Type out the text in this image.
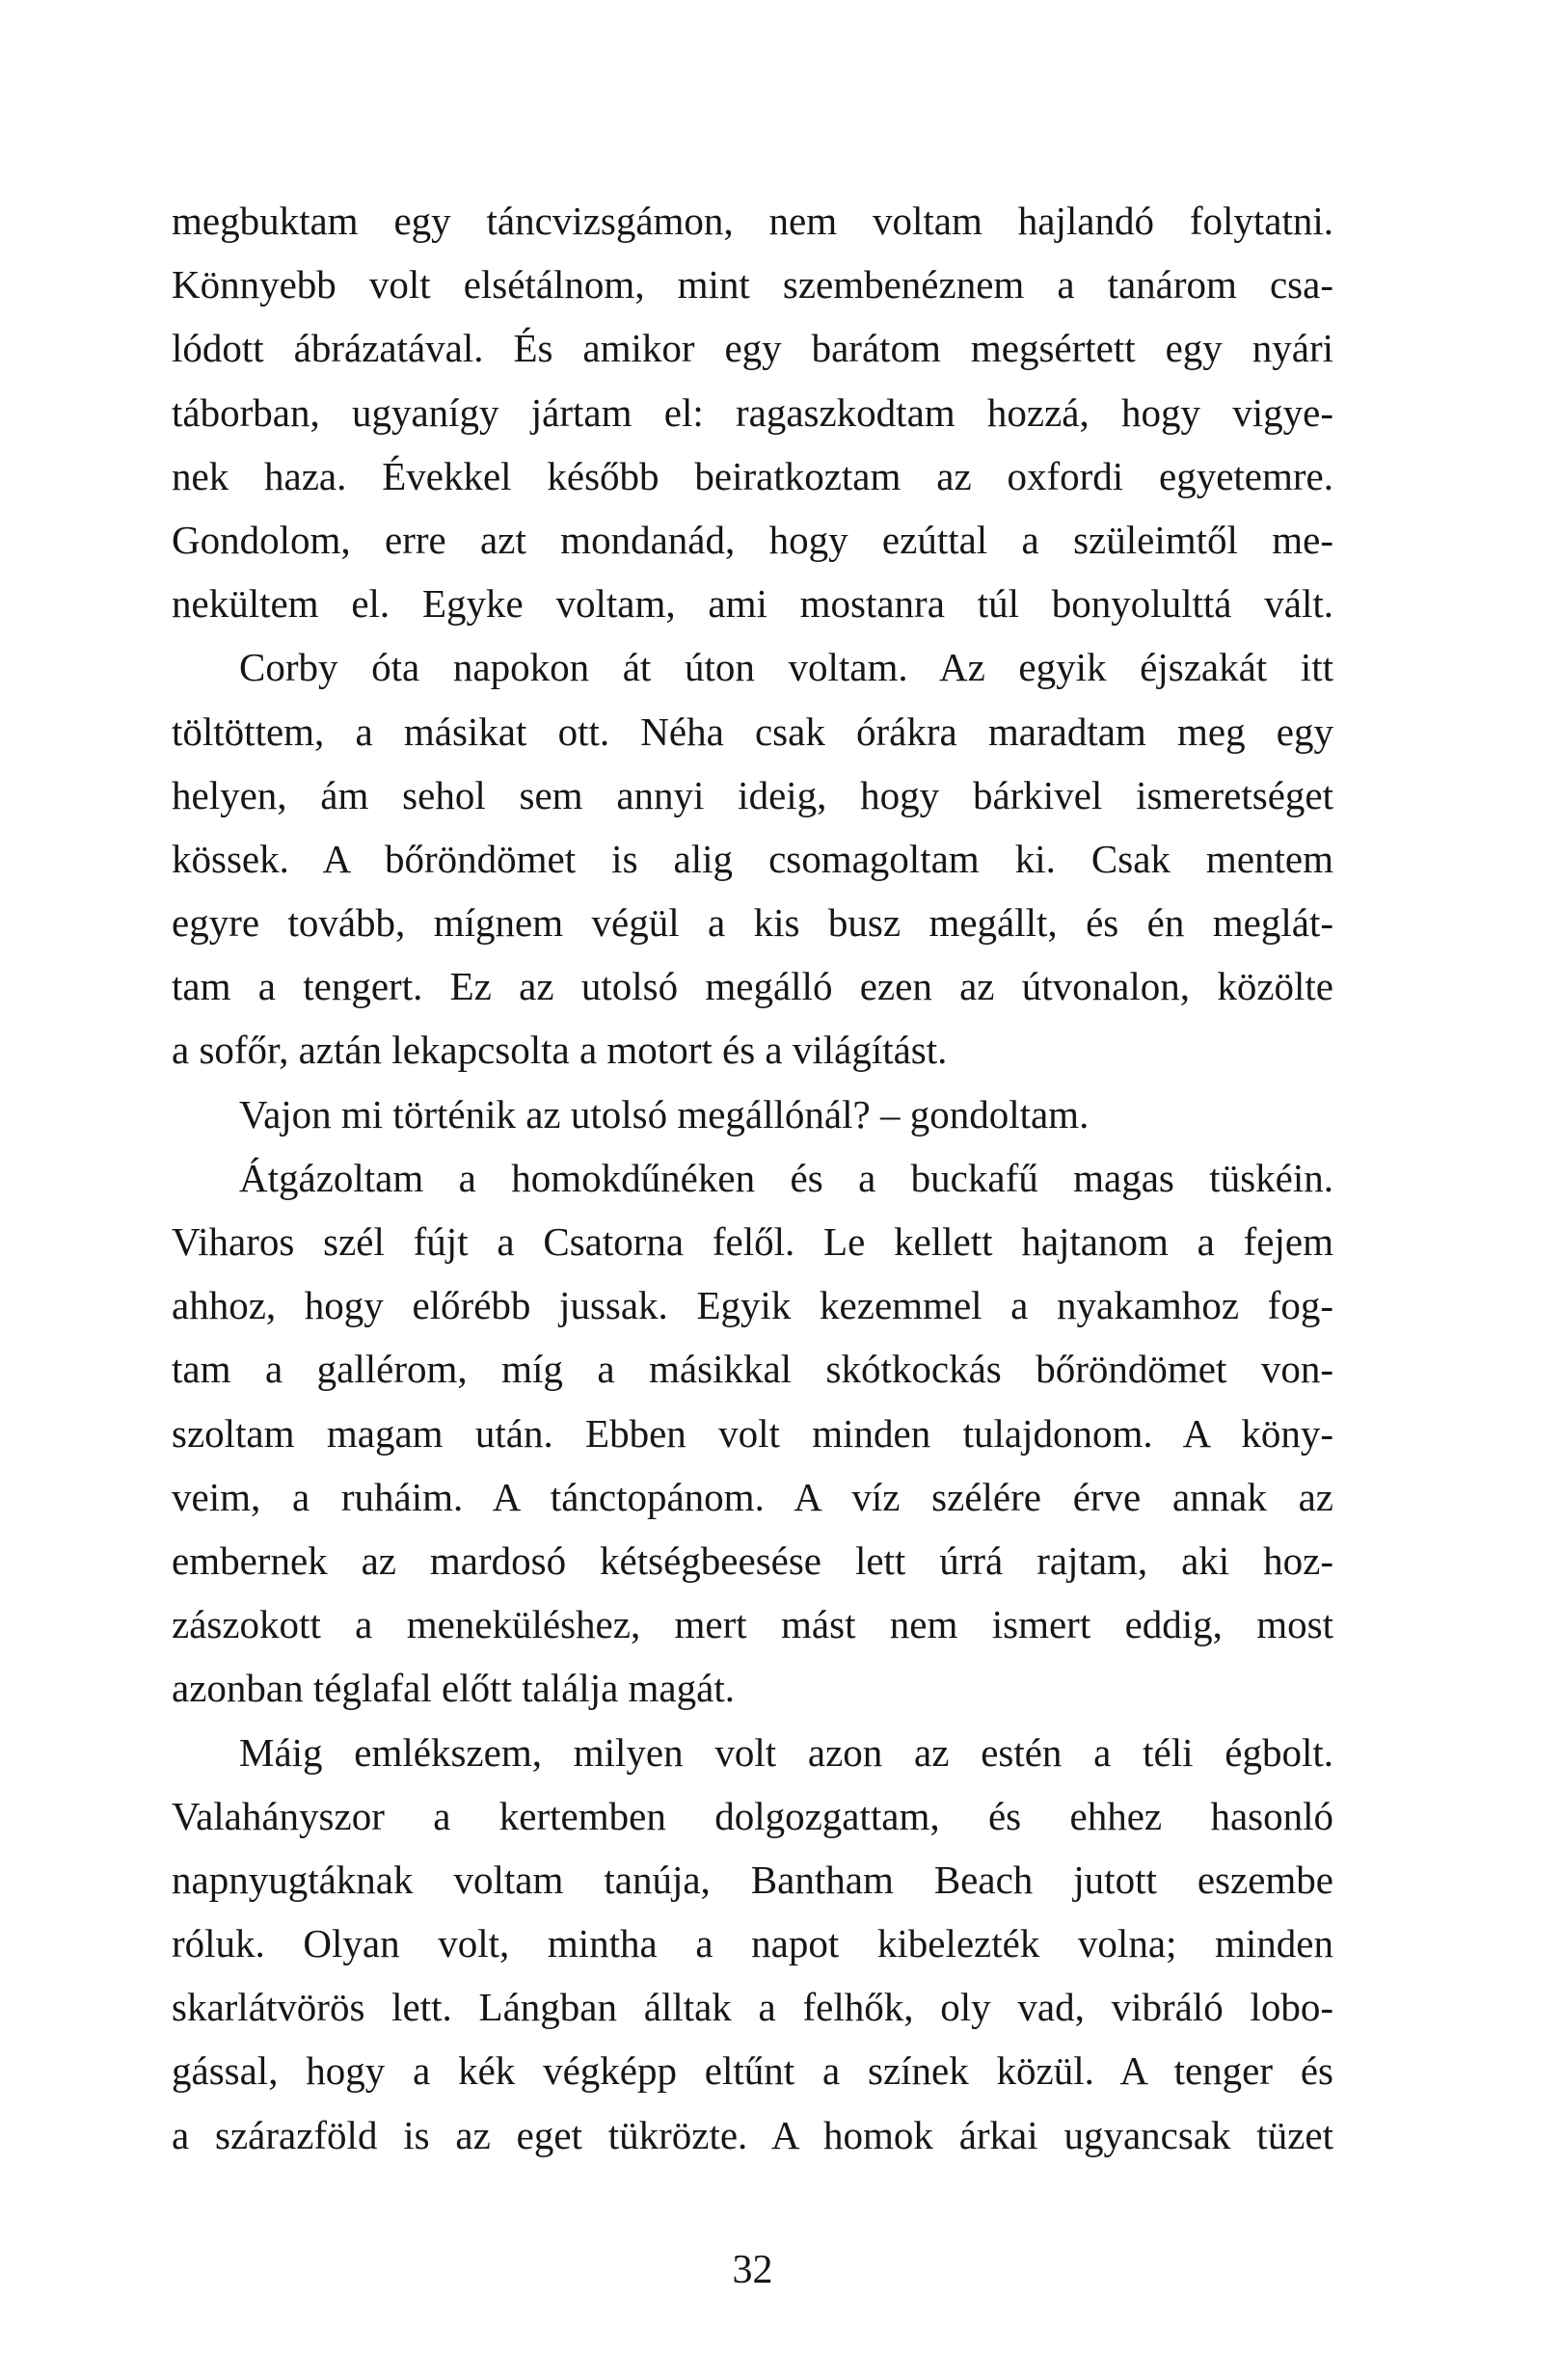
megbuktam egy táncvizsgámon, nem voltam hajlandó folytatni.
Könnyebb volt elsétálnom, mint szembenéznem a tanárom csa-
lódott ábrázatával. És amikor egy barátom megsértett egy nyári
táborban, ugyanígy jártam el: ragaszkodtam hozzá, hogy vigye-
nek haza. Évekkel később beiratkoztam az oxfordi egyetemre.
Gondolom, erre azt mondanád, hogy ezúttal a szüleimtől me-
nekültem el. Egyke voltam, ami mostanra túl bonyolulttá vált.
Corby óta napokon át úton voltam. Az egyik éjszakát itt
töltöttem, a másikat ott. Néha csak órákra maradtam meg egy
helyen, ám sehol sem annyi ideig, hogy bárkivel ismeretséget
kössek. A bőröndömet is alig csomagoltam ki. Csak mentem
egyre tovább, mígnem végül a kis busz megállt, és én meglát-
tam a tengert. Ez az utolsó megálló ezen az útvonalon, közölte
a sofőr, aztán lekapcsolta a motort és a világítást.
Vajon mi történik az utolsó megállónál? – gondoltam.
Átgázoltam a homokdűnéken és a buckafű magas tüskéin.
Viharos szél fújt a Csatorna felől. Le kellett hajtanom a fejem
ahhoz, hogy előrébb jussak. Egyik kezemmel a nyakamhoz fog-
tam a gallérom, míg a másikkal skótkockás bőröndömet von-
szoltam magam után. Ebben volt minden tulajdonom. A köny-
veim, a ruháim. A tánctopánom. A víz szélére érve annak az
embernek az mardosó kétségbeesése lett úrrá rajtam, aki hoz-
zászokott a meneküléshez, mert mást nem ismert eddig, most
azonban téglafal előtt találja magát.
Máig emlékszem, milyen volt azon az estén a téli égbolt.
Valahányszor a kertemben dolgozgattam, és ehhez hasonló
napnyugtáknak voltam tanúja, Bantham Beach jutott eszembe
róluk. Olyan volt, mintha a napot kibelezték volna; minden
skarlátvörös lett. Lángban álltak a felhők, oly vad, vibráló lobo-
gással, hogy a kék végképp eltűnt a színek közül. A tenger és
a szárazföld is az eget tükrözte. A homok árkai ugyancsak tüzet
32
